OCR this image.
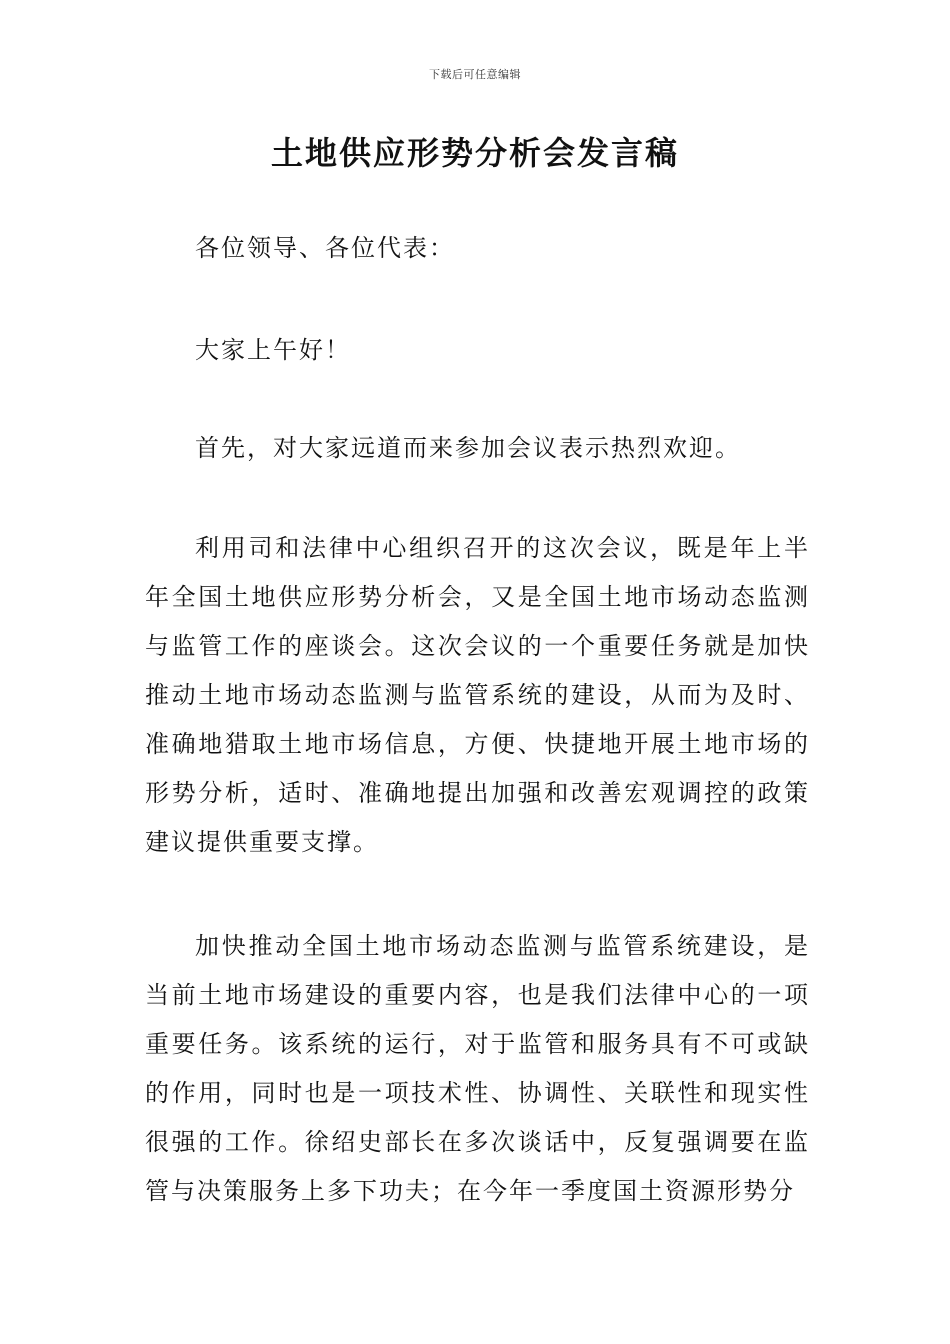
下载后可任意编辑
土地供应形势分析会发言稿

各位领导、各位代表：

大家上午好！

首先，对大家远道而来参加会议表示热烈欢迎。

利用司和法律中心组织召开的这次会议，既是年上半年全国土地供应形势分析会，又是全国土地市场动态监测与监管工作的座谈会。这次会议的一个重要任务就是加快推动土地市场动态监测与监管系统的建设，从而为及时、准确地猎取土地市场信息，方便、快捷地开展土地市场的形势分析，适时、准确地提出加强和改善宏观调控的政策建议提供重要支撑。

加快推动全国土地市场动态监测与监管系统建设，是当前土地市场建设的重要内容，也是我们法律中心的一项重要任务。该系统的运行，对于监管和服务具有不可或缺的作用，同时也是一项技术性、协调性、关联性和现实性很强的工作。徐绍史部长在多次谈话中，反复强调要在监管与决策服务上多下功夫；在今年一季度国土资源形势分
